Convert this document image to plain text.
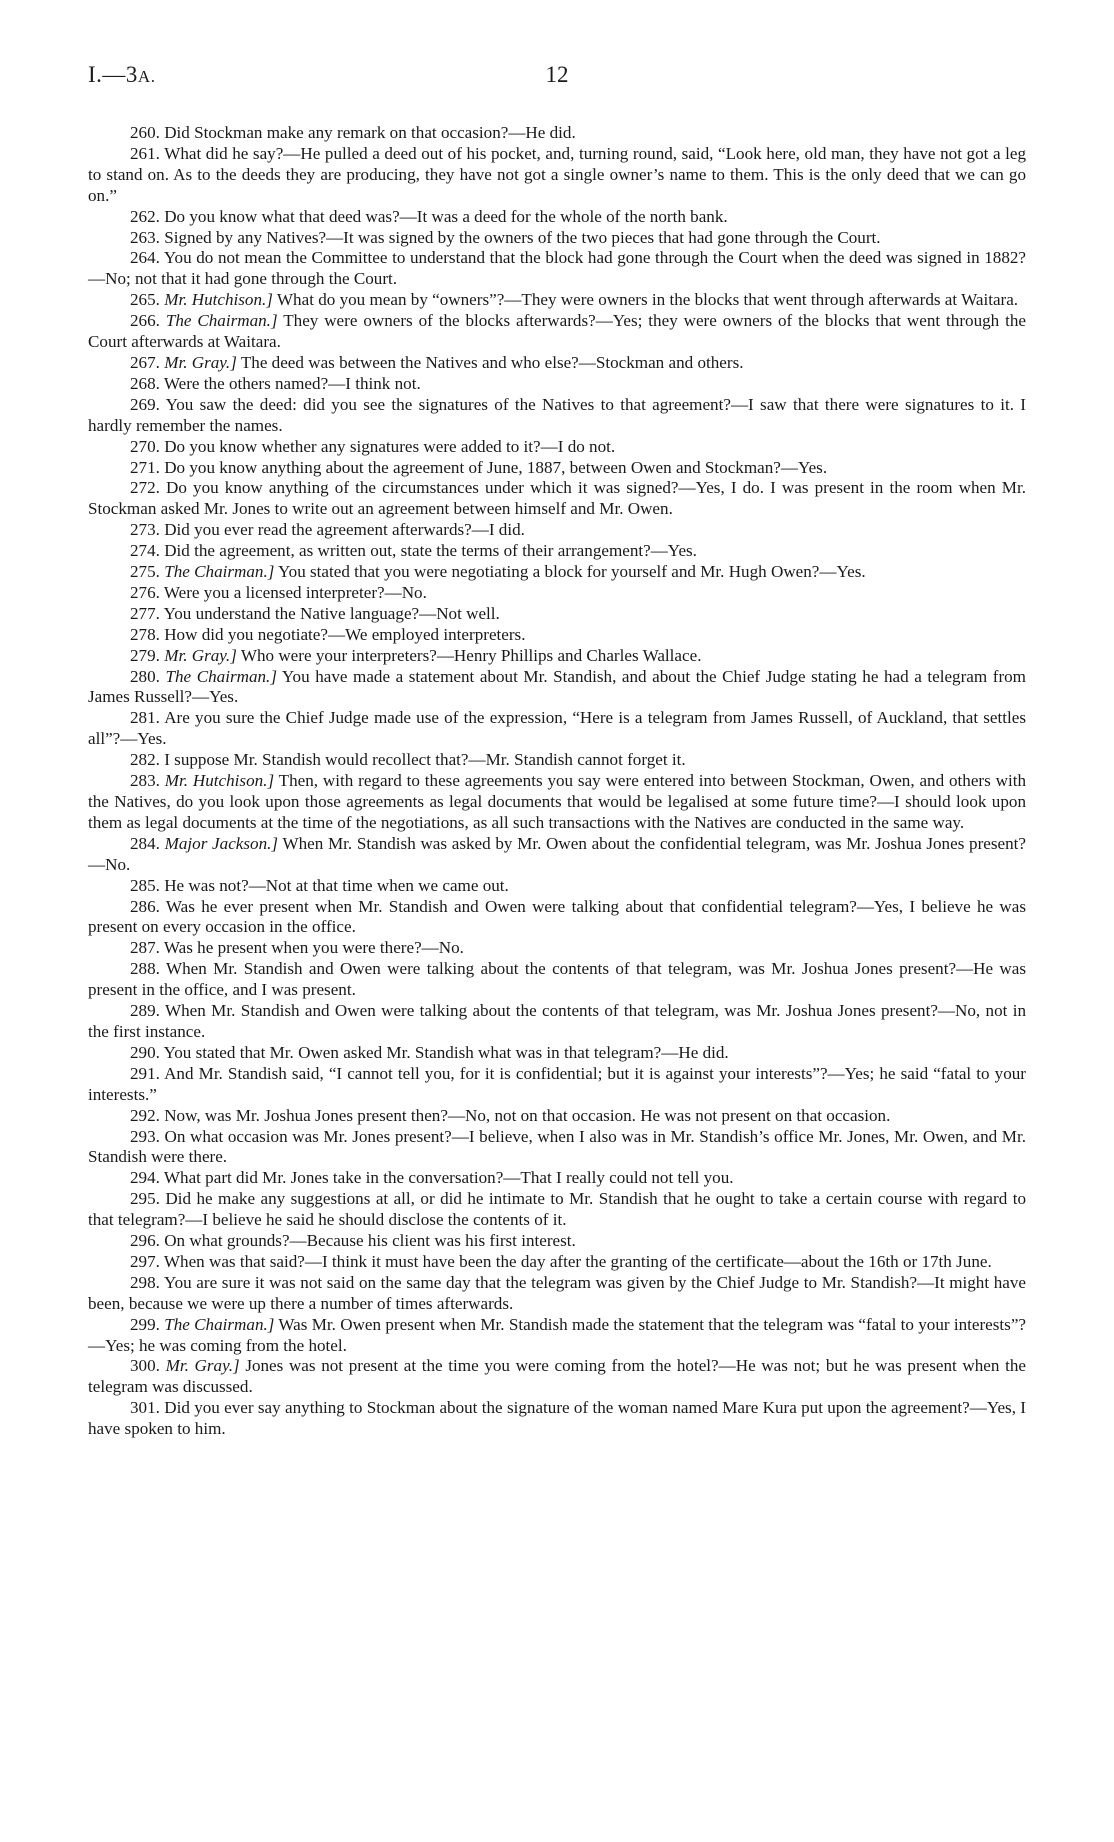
I.—3A.	12

260. Did Stockman make any remark on that occasion?—He did.

261. What did he say?—He pulled a deed out of his pocket, and, turning round, said, “Look here, old man, they have not got a leg to stand on. As to the deeds they are producing, they have not got a single owner’s name to them. This is the only deed that we can go on.”

262. Do you know what that deed was?—It was a deed for the whole of the north bank.

263. Signed by any Natives?—It was signed by the owners of the two pieces that had gone through the Court.

264. You do not mean the Committee to understand that the block had gone through the Court when the deed was signed in 1882?—No; not that it had gone through the Court.

265. Mr. Hutchison.] What do you mean by “owners”?—They were owners in the blocks that went through afterwards at Waitara.

266. The Chairman.] They were owners of the blocks afterwards?—Yes; they were owners of the blocks that went through the Court afterwards at Waitara.

267. Mr. Gray.] The deed was between the Natives and who else?—Stockman and others.

268. Were the others named?—I think not.

269. You saw the deed: did you see the signatures of the Natives to that agreement?—I saw that there were signatures to it. I hardly remember the names.

270. Do you know whether any signatures were added to it?—I do not.

271. Do you know anything about the agreement of June, 1887, between Owen and Stockman?—Yes.

272. Do you know anything of the circumstances under which it was signed?—Yes, I do. I was present in the room when Mr. Stockman asked Mr. Jones to write out an agreement between himself and Mr. Owen.

273. Did you ever read the agreement afterwards?—I did.

274. Did the agreement, as written out, state the terms of their arrangement?—Yes.

275. The Chairman.] You stated that you were negotiating a block for yourself and Mr. Hugh Owen?—Yes.

276. Were you a licensed interpreter?—No.

277. You understand the Native language?—Not well.

278. How did you negotiate?—We employed interpreters.

279. Mr. Gray.] Who were your interpreters?—Henry Phillips and Charles Wallace.

280. The Chairman.] You have made a statement about Mr. Standish, and about the Chief Judge stating he had a telegram from James Russell?—Yes.

281. Are you sure the Chief Judge made use of the expression, “Here is a telegram from James Russell, of Auckland, that settles all”?—Yes.

282. I suppose Mr. Standish would recollect that?—Mr. Standish cannot forget it.

283. Mr. Hutchison.] Then, with regard to these agreements you say were entered into between Stockman, Owen, and others with the Natives, do you look upon those agreements as legal documents that would be legalised at some future time?—I should look upon them as legal documents at the time of the negotiations, as all such transactions with the Natives are conducted in the same way.

284. Major Jackson.] When Mr. Standish was asked by Mr. Owen about the confidential telegram, was Mr. Joshua Jones present?—No.

285. He was not?—Not at that time when we came out.

286. Was he ever present when Mr. Standish and Owen were talking about that confidential telegram?—Yes, I believe he was present on every occasion in the office.

287. Was he present when you were there?—No.

288. When Mr. Standish and Owen were talking about the contents of that telegram, was Mr. Joshua Jones present?—He was present in the office, and I was present.

289. When Mr. Standish and Owen were talking about the contents of that telegram, was Mr. Joshua Jones present?—No, not in the first instance.

290. You stated that Mr. Owen asked Mr. Standish what was in that telegram?—He did.

291. And Mr. Standish said, “I cannot tell you, for it is confidential; but it is against your interests”?—Yes; he said “fatal to your interests.”

292. Now, was Mr. Joshua Jones present then?—No, not on that occasion. He was not present on that occasion.

293. On what occasion was Mr. Jones present?—I believe, when I also was in Mr. Standish’s office Mr. Jones, Mr. Owen, and Mr. Standish were there.

294. What part did Mr. Jones take in the conversation?—That I really could not tell you.

295. Did he make any suggestions at all, or did he intimate to Mr. Standish that he ought to take a certain course with regard to that telegram?—I believe he said he should disclose the contents of it.

296. On what grounds?—Because his client was his first interest.

297. When was that said?—I think it must have been the day after the granting of the certificate—about the 16th or 17th June.

298. You are sure it was not said on the same day that the telegram was given by the Chief Judge to Mr. Standish?—It might have been, because we were up there a number of times afterwards.

299. The Chairman.] Was Mr. Owen present when Mr. Standish made the statement that the telegram was “fatal to your interests”?—Yes; he was coming from the hotel.

300. Mr. Gray.] Jones was not present at the time you were coming from the hotel?—He was not; but he was present when the telegram was discussed.

301. Did you ever say anything to Stockman about the signature of the woman named Mare Kura put upon the agreement?—Yes, I have spoken to him.
